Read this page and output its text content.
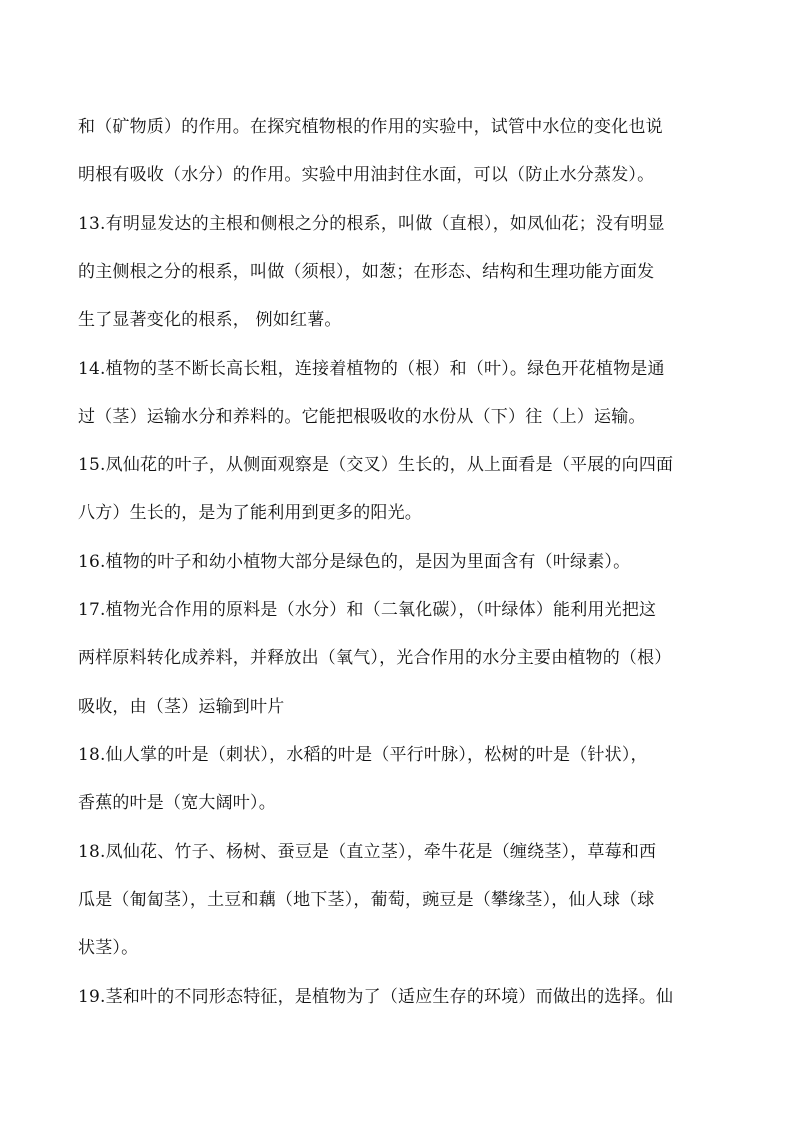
和（矿物质）的作用。在探究植物根的作用的实验中，试管中水位的变化也说
明根有吸收（水分）的作用。实验中用油封住水面，可以（防止水分蒸发）。
13.有明显发达的主根和侧根之分的根系，叫做（直根），如凤仙花；没有明显
的主侧根之分的根系，叫做（须根），如葱；在形态、结构和生理功能方面发
生了显著变化的根系， 例如红薯。
14.植物的茎不断长高长粗，连接着植物的（根）和（叶）。绿色开花植物是通
过（茎）运输水分和养料的。它能把根吸收的水份从（下）往（上）运输。
15.凤仙花的叶子，从侧面观察是（交叉）生长的，从上面看是（平展的向四面
八方）生长的，是为了能利用到更多的阳光。
16.植物的叶子和幼小植物大部分是绿色的，是因为里面含有（叶绿素）。
17.植物光合作用的原料是（水分）和（二氧化碳），（叶绿体）能利用光把这
两样原料转化成养料，并释放出（氧气），光合作用的水分主要由植物的（根）
吸收，由（茎）运输到叶片
18.仙人掌的叶是（刺状），水稻的叶是（平行叶脉），松树的叶是（针状），
香蕉的叶是（宽大阔叶）。
18.凤仙花、竹子、杨树、蚕豆是（直立茎），牵牛花是（缠绕茎），草莓和西
瓜是（匍匐茎），土豆和藕（地下茎），葡萄，豌豆是（攀缘茎），仙人球（球
状茎）。
19.茎和叶的不同形态特征，是植物为了（适应生存的环境）而做出的选择。仙
